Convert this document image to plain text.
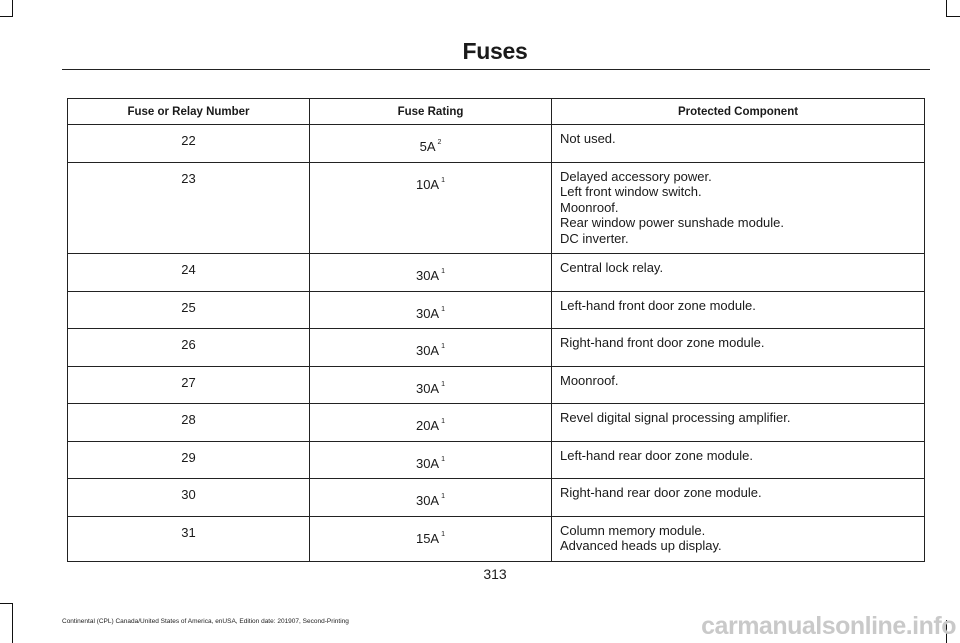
Fuses
Fuse or Relay Number	Fuse Rating	Protected Component
22	5A $^2$	Not used.

23	10A $^1$	Delayed accessory power.
Left front window switch.
Moonroof.
Rear window power sunshade module.
DC inverter.

24	30A $^1$	Central lock relay.

25	30A $^1$	Left-hand front door zone module.

26	30A $^1$	Right-hand front door zone module.

27	30A $^1$	Moonroof.

28	20A $^1$	Revel digital signal processing amplifier.

29	30A $^1$	Left-hand rear door zone module.

30	30A $^1$	Right-hand rear door zone module.

31	15A $^1$	Column memory module.
Advanced heads up display.
313
Continental (CPL) Canada/United States of America, enUSA, Edition date: 201907, Second-Printing	carmanualsonline.info
